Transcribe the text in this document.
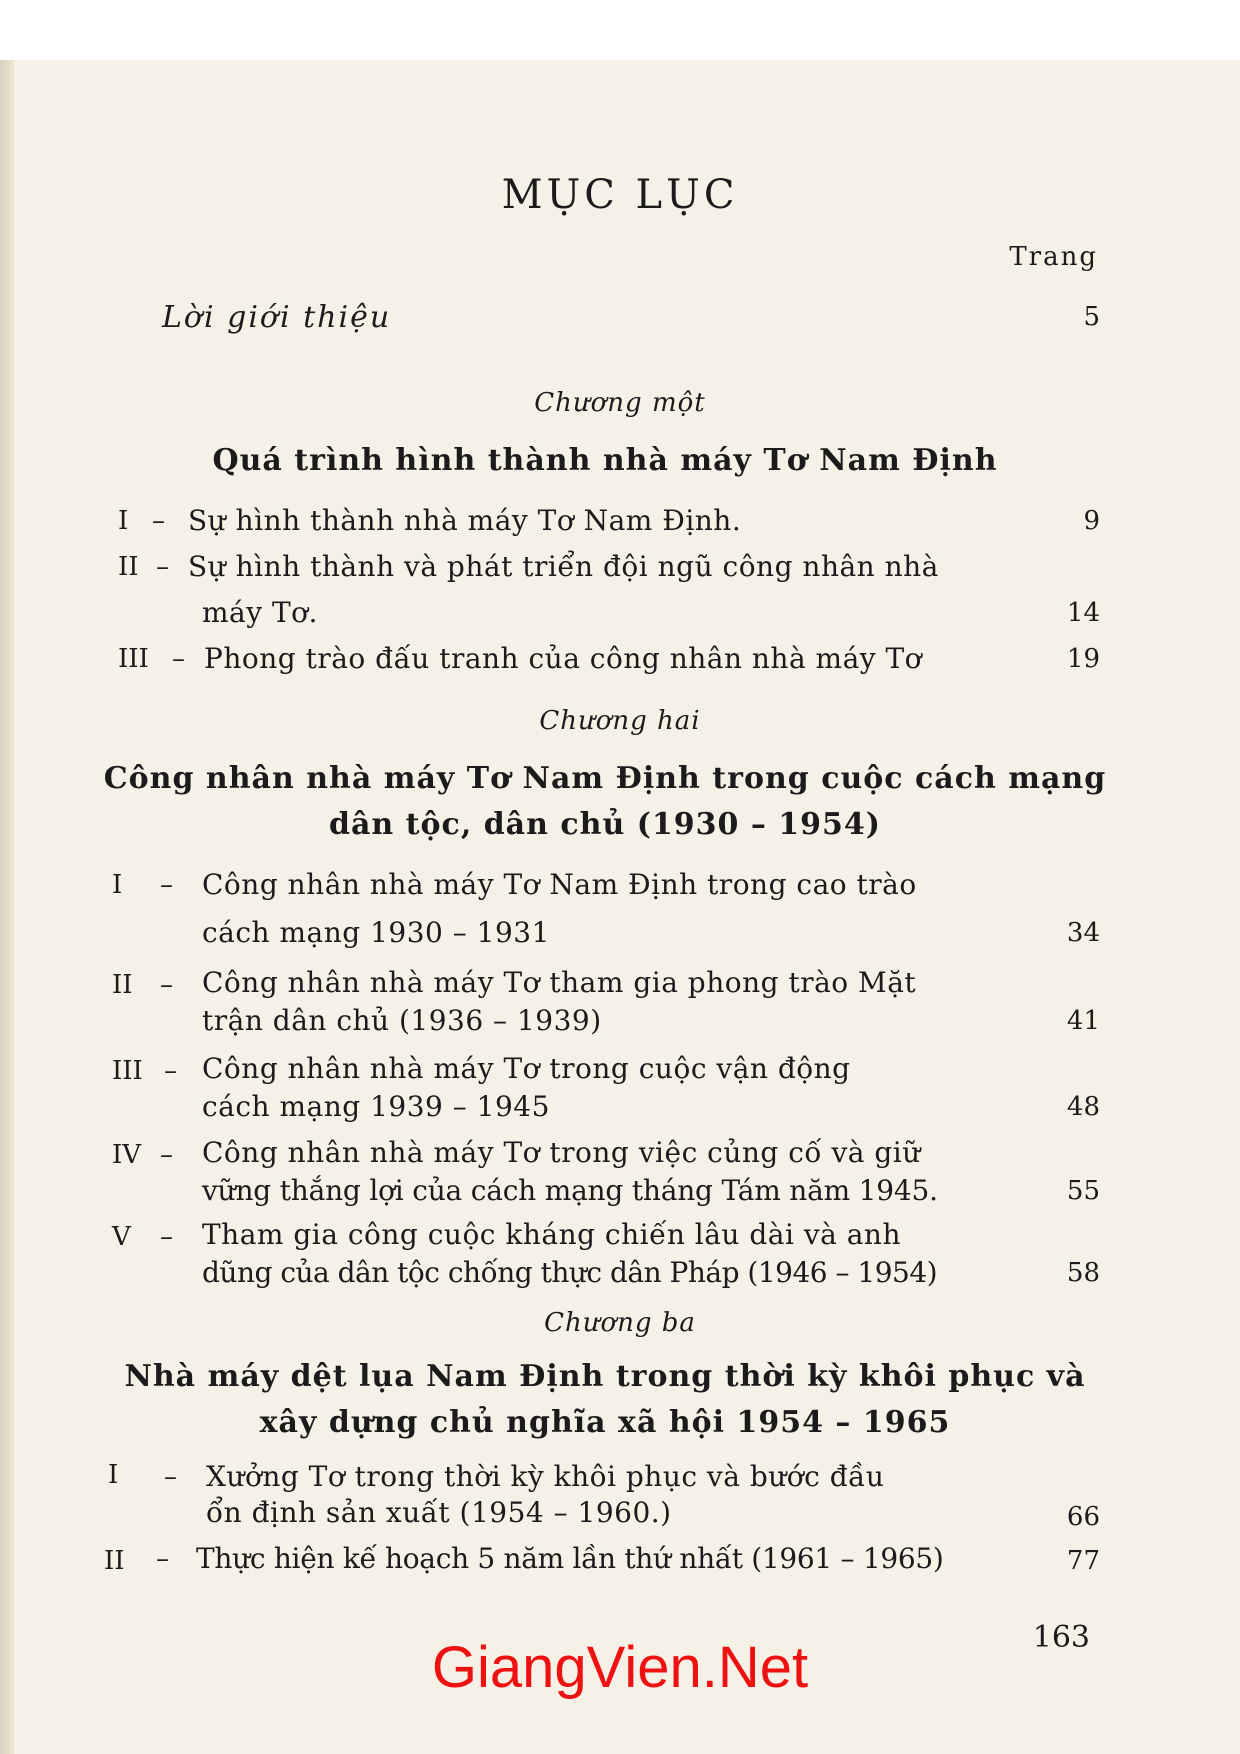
MỤC LỤC
Trang
Lời giới thiệu	5
Chương một
Quá trình hình thành nhà máy Tơ Nam Định
I – Sự hình thành nhà máy Tơ Nam Định.	9
II – Sự hình thành và phát triển đội ngũ công nhân nhà
máy Tơ.	14
III – Phong trào đấu tranh của công nhân nhà máy Tơ	19
Chương hai
Công nhân nhà máy Tơ Nam Định trong cuộc cách mạng dân tộc, dân chủ (1930 – 1954)
I	– Công nhân nhà máy Tơ Nam Định trong cao trào
cách mạng 1930 – 1931	34
II	– Công nhân nhà máy Tơ tham gia phong trào Mặt
trận dân chủ (1936 – 1939)	41
III – Công nhân nhà máy Tơ trong cuộc vận động
cách mạng 1939 – 1945	48
IV – Công nhân nhà máy Tơ trong việc củng cố và giữ
vững thắng lợi của cách mạng tháng Tám năm 1945.	55
V	– Tham gia công cuộc kháng chiến lâu dài và anh
dũng của dân tộc chống thực dân Pháp (1946 – 1954)	58
Chương ba
Nhà máy dệt lụa Nam Định trong thời kỳ khôi phục và xây dựng chủ nghĩa xã hội 1954 – 1965
I	– Xưởng Tơ trong thời kỳ khôi phục và bước đầu
ổn định sản xuất (1954 – 1960.)	66
II	– Thực hiện kế hoạch 5 năm lần thứ nhất (1961 – 1965)	77
163
GiangVien.Net
